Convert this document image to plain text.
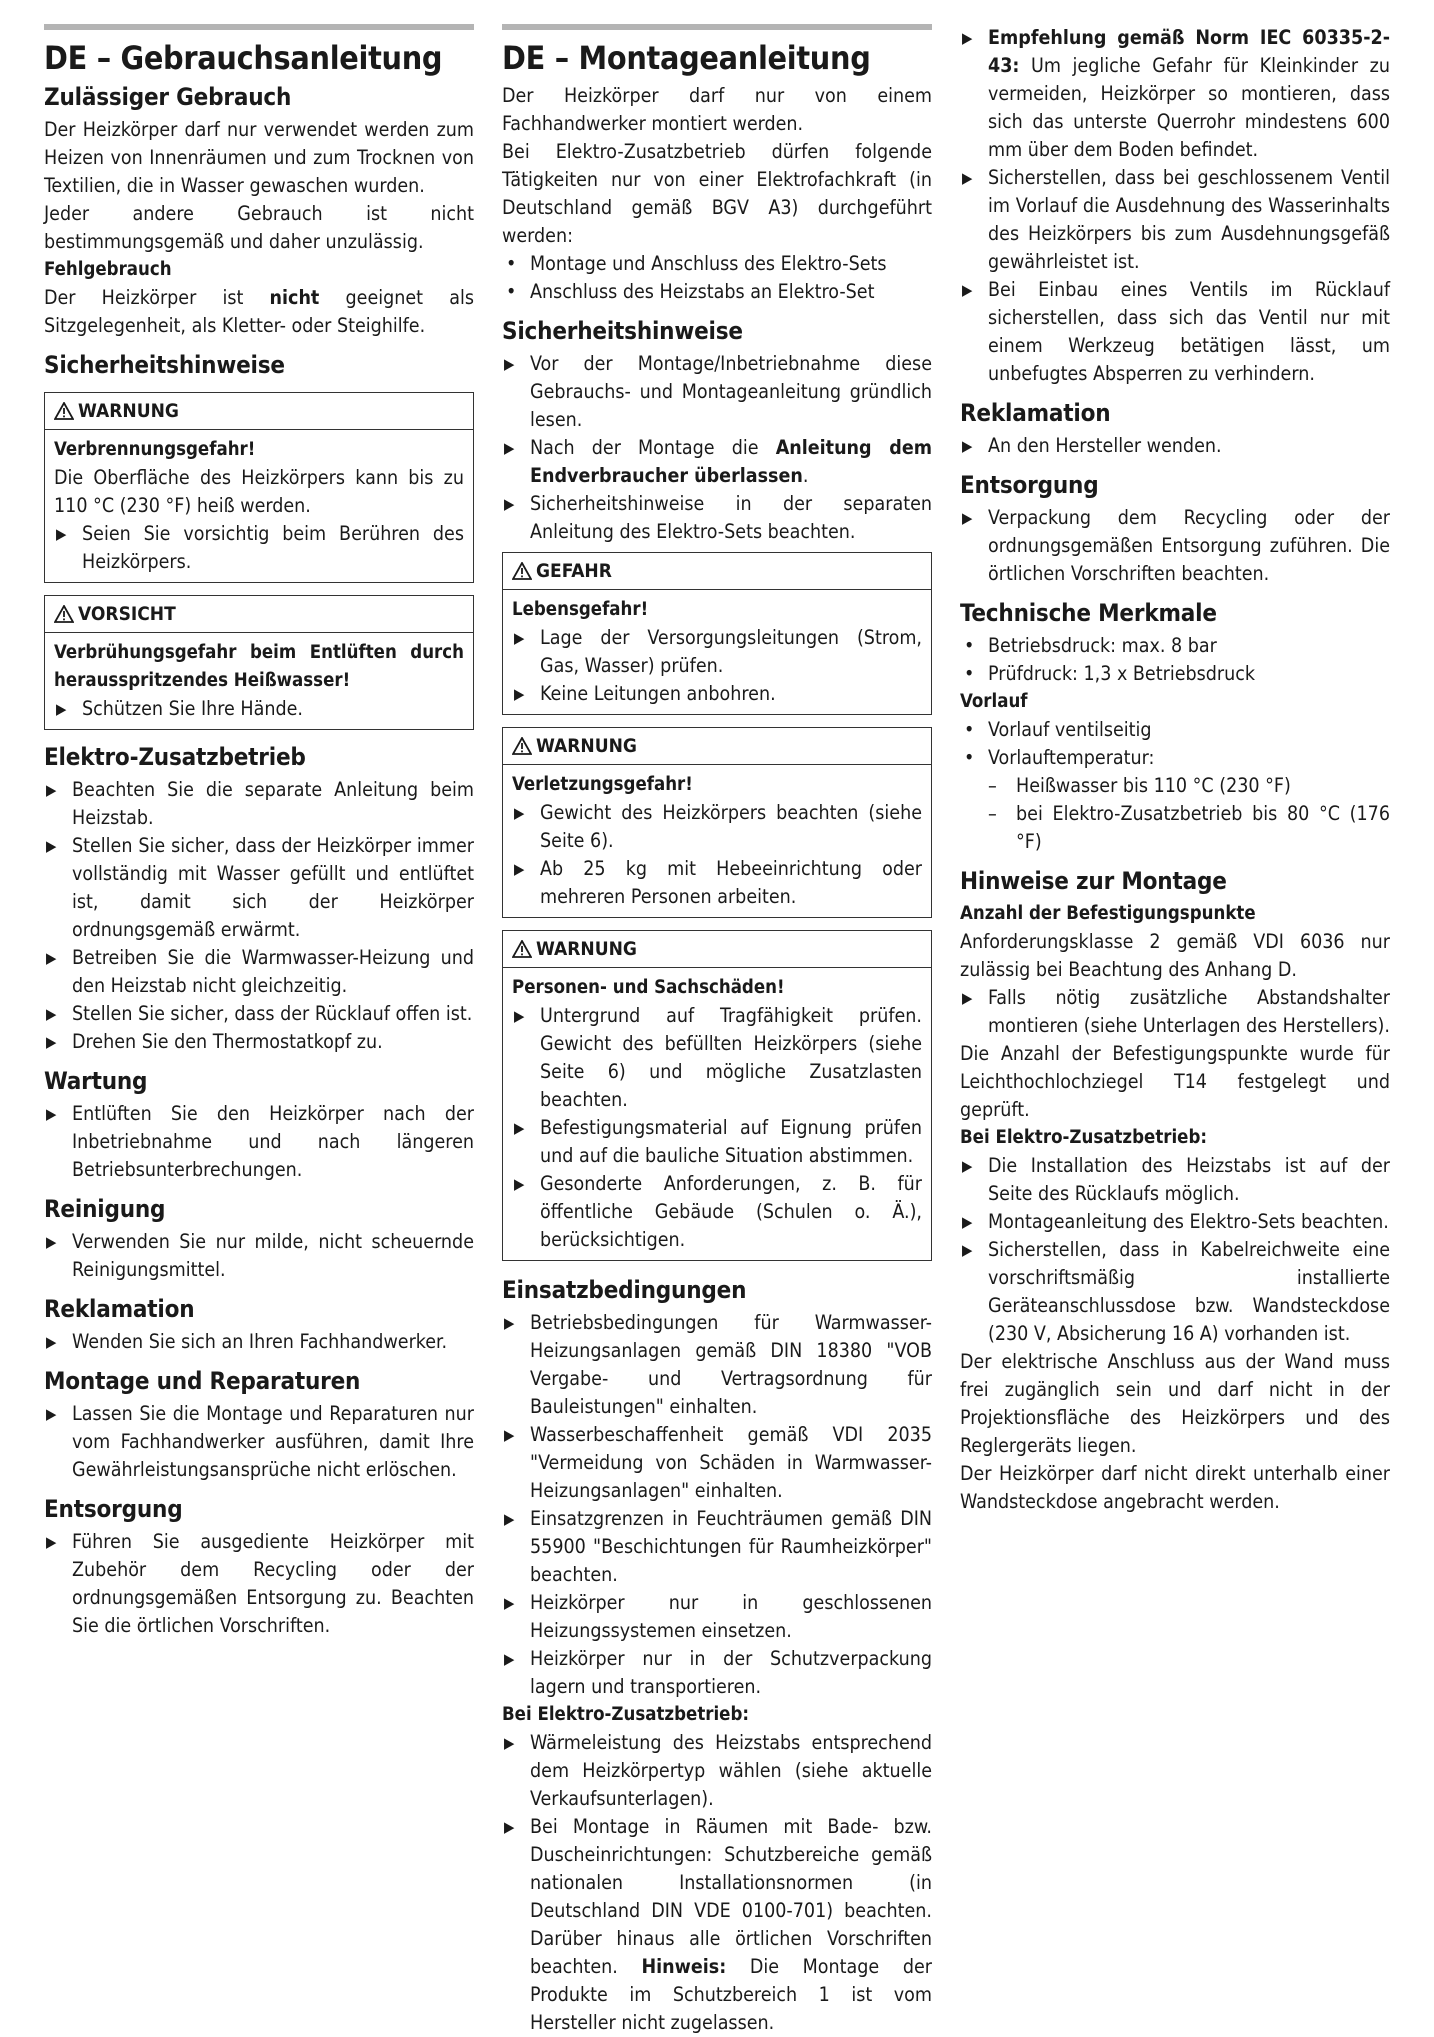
DE – Gebrauchsanleitung
Zulässiger Gebrauch

Der Heizkörper darf nur verwendet werden zum Heizen von Innenräumen und zum Trocknen von Textilien, die in Wasser gewaschen wurden.

Jeder andere Gebrauch ist nicht bestimmungsgemäß und daher unzulässig.

Fehlgebrauch

Der Heizkörper ist nicht geeignet als Sitzgelegenheit, als Kletter- oder Steighilfe.

Sicherheitshinweise
WARNUNG
Verbrennungsgefahr!

Die Oberfläche des Heizkörpers kann bis zu 110 °C (230 °F) heiß werden.

▶ Seien Sie vorsichtig beim Berühren des Heizkörpers.
VORSICHT
Verbrühungsgefahr beim Entlüften durch herausspritzendes Heißwasser!
▶ Schützen Sie Ihre Hände.
Elektro-Zusatzbetrieb
▶ Beachten Sie die separate Anleitung beim Heizstab.
▶ Stellen Sie sicher, dass der Heizkörper immer vollständig mit Wasser gefüllt und entlüftet ist, damit sich der Heizkörper ordnungsgemäß erwärmt.
▶ Betreiben Sie die Warmwasser-Heizung und den Heizstab nicht gleichzeitig.
▶ Stellen Sie sicher, dass der Rücklauf offen ist.
▶ Drehen Sie den Thermostatkopf zu.
Wartung
▶ Entlüften Sie den Heizkörper nach der Inbetriebnahme und nach längeren Betriebsunterbrechungen.
Reinigung
▶ Verwenden Sie nur milde, nicht scheuernde Reinigungsmittel.
Reklamation
▶ Wenden Sie sich an Ihren Fachhandwerker.
Montage und Reparaturen
▶ Lassen Sie die Montage und Reparaturen nur vom Fachhandwerker ausführen, damit Ihre Gewährleistungsansprüche nicht erlöschen.
Entsorgung
▶ Führen Sie ausgediente Heizkörper mit Zubehör dem Recycling oder der ordnungsgemäßen Entsorgung zu. Beachten Sie die örtlichen Vorschriften.
DE – Montageanleitung

Der Heizkörper darf nur von einem Fachhandwerker montiert werden.

Bei Elektro-Zusatzbetrieb dürfen folgende Tätigkeiten nur von einer Elektrofachkraft (in Deutschland gemäß BGV A3) durchgeführt werden:

• Montage und Anschluss des Elektro-Sets
• Anschluss des Heizstabs an Elektro-Set
Sicherheitshinweise
▶ Vor der Montage/Inbetriebnahme diese Gebrauchs- und Montageanleitung gründlich lesen.
▶ Nach der Montage die Anleitung dem Endverbraucher überlassen.
▶ Sicherheitshinweise in der separaten Anleitung des Elektro-Sets beachten.
GEFAHR
Lebensgefahr!
▶ Lage der Versorgungsleitungen (Strom, Gas, Wasser) prüfen.
▶ Keine Leitungen anbohren.
WARNUNG
Verletzungsgefahr!
▶ Gewicht des Heizkörpers beachten (siehe Seite 6).
▶ Ab 25 kg mit Hebeeinrichtung oder mehreren Personen arbeiten.
WARNUNG
Personen- und Sachschäden!
▶ Untergrund auf Tragfähigkeit prüfen. Gewicht des befüllten Heizkörpers (siehe Seite 6) und mögliche Zusatzlasten beachten.
▶ Befestigungsmaterial auf Eignung prüfen und auf die bauliche Situation abstimmen.
▶ Gesonderte Anforderungen, z. B. für öffentliche Gebäude (Schulen o. Ä.), berücksichtigen.
Einsatzbedingungen
▶ Betriebsbedingungen für Warmwasser-Heizungsanlagen gemäß DIN 18380 "VOB Vergabe- und Vertragsordnung für Bauleistungen" einhalten.
▶ Wasserbeschaffenheit gemäß VDI 2035 "Vermeidung von Schäden in Warmwasser-Heizungsanlagen" einhalten.
▶ Einsatzgrenzen in Feuchträumen gemäß DIN 55900 "Beschichtungen für Raumheizkörper" beachten.
▶ Heizkörper nur in geschlossenen Heizungssystemen einsetzen.
▶ Heizkörper nur in der Schutzverpackung lagern und transportieren.
Bei Elektro-Zusatzbetrieb:
▶ Wärmeleistung des Heizstabs entsprechend dem Heizkörpertyp wählen (siehe aktuelle Verkaufsunterlagen).
▶ Bei Montage in Räumen mit Bade- bzw. Duscheinrichtungen: Schutzbereiche gemäß nationalen Installationsnormen (in Deutschland DIN VDE 0100-701) beachten. Darüber hinaus alle örtlichen Vorschriften beachten. Hinweis: Die Montage der Produkte im Schutzbereich 1 ist vom Hersteller nicht zugelassen.
▶ Empfehlung gemäß Norm IEC 60335-2-43: Um jegliche Gefahr für Kleinkinder zu vermeiden, Heizkörper so montieren, dass sich das unterste Querrohr mindestens 600 mm über dem Boden befindet.
▶ Sicherstellen, dass bei geschlossenem Ventil im Vorlauf die Ausdehnung des Wasserinhalts des Heizkörpers bis zum Ausdehnungsgefäß gewährleistet ist.
▶ Bei Einbau eines Ventils im Rücklauf sicherstellen, dass sich das Ventil nur mit einem Werkzeug betätigen lässt, um unbefugtes Absperren zu verhindern.
Reklamation
▶ An den Hersteller wenden.
Entsorgung
▶ Verpackung dem Recycling oder der ordnungsgemäßen Entsorgung zuführen. Die örtlichen Vorschriften beachten.
Technische Merkmale
• Betriebsdruck: max. 8 bar
• Prüfdruck: 1,3 x Betriebsdruck
Vorlauf
• Vorlauf ventilseitig
• Vorlauftemperatur:
– Heißwasser bis 110 °C (230 °F)
– bei Elektro-Zusatzbetrieb bis 80 °C (176 °F)
Hinweise zur Montage
Anzahl der Befestigungspunkte

Anforderungsklasse 2 gemäß VDI 6036 nur zulässig bei Beachtung des Anhang D.

▶ Falls nötig zusätzliche Abstandshalter montieren (siehe Unterlagen des Herstellers).

Die Anzahl der Befestigungspunkte wurde für Leichthochlochziegel T14 festgelegt und geprüft.

Bei Elektro-Zusatzbetrieb:
▶ Die Installation des Heizstabs ist auf der Seite des Rücklaufs möglich.
▶ Montageanleitung des Elektro-Sets beachten.
▶ Sicherstellen, dass in Kabelreichweite eine vorschriftsmäßig installierte Geräteanschlussdose bzw. Wandsteckdose (230 V, Absicherung 16 A) vorhanden ist.

Der elektrische Anschluss aus der Wand muss frei zugänglich sein und darf nicht in der Projektionsfläche des Heizkörpers und des Reglergeräts liegen.

Der Heizkörper darf nicht direkt unterhalb einer Wandsteckdose angebracht werden.
